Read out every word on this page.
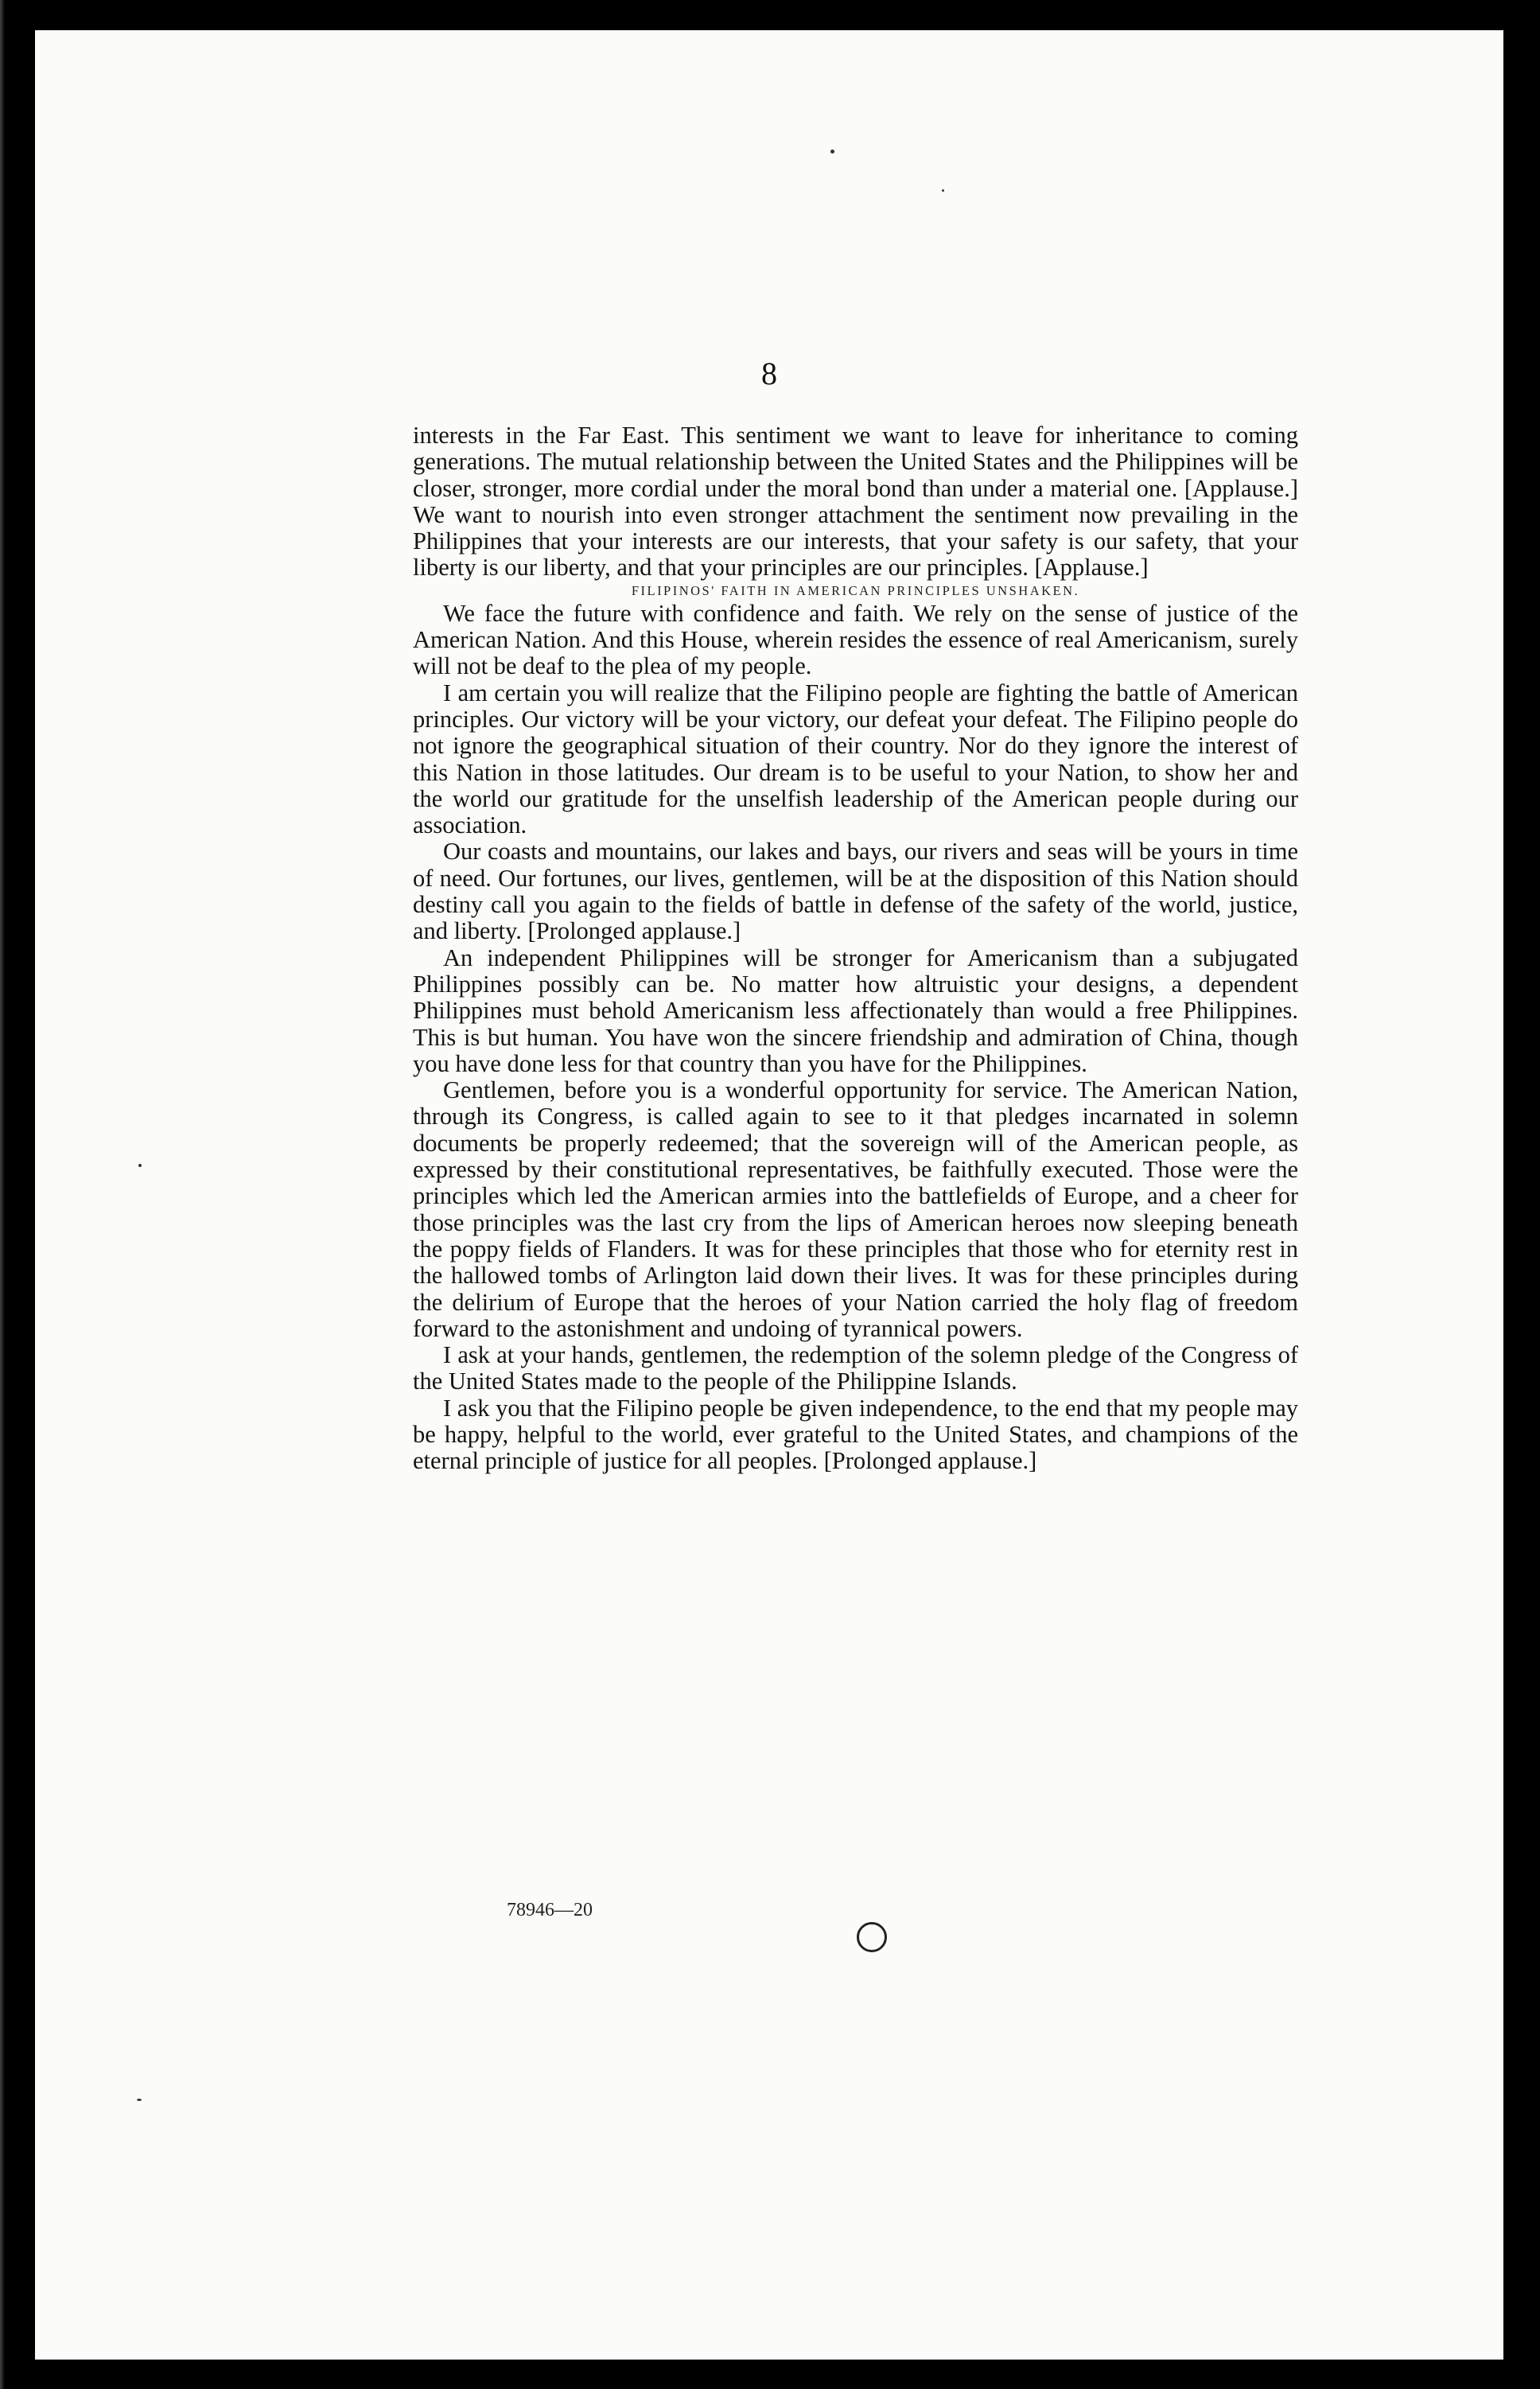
8

interests in the Far East. This sentiment we want to leave for inheritance to coming generations. The mutual relationship between the United States and the Philippines will be closer, stronger, more cordial under the moral bond than under a material one. [Applause.] We want to nourish into even stronger attachment the sentiment now prevailing in the Philippines that your interests are our interests, that your safety is our safety, that your liberty is our liberty, and that your principles are our principles. [Applause.]

FILIPINOS' FAITH IN AMERICAN PRINCIPLES UNSHAKEN.

We face the future with confidence and faith. We rely on the sense of justice of the American Nation. And this House, wherein resides the essence of real Americanism, surely will not be deaf to the plea of my people.

I am certain you will realize that the Filipino people are fighting the battle of American principles. Our victory will be your victory, our defeat your defeat. The Filipino people do not ignore the geographical situation of their country. Nor do they ignore the interest of this Nation in those latitudes. Our dream is to be useful to your Nation, to show her and the world our gratitude for the unselfish leadership of the American people during our association.

Our coasts and mountains, our lakes and bays, our rivers and seas will be yours in time of need. Our fortunes, our lives, gentlemen, will be at the disposition of this Nation should destiny call you again to the fields of battle in defense of the safety of the world, justice, and liberty. [Prolonged applause.]

An independent Philippines will be stronger for Americanism than a subjugated Philippines possibly can be. No matter how altruistic your designs, a dependent Philippines must behold Americanism less affectionately than would a free Philippines. This is but human. You have won the sincere friendship and admiration of China, though you have done less for that country than you have for the Philippines.

Gentlemen, before you is a wonderful opportunity for service. The American Nation, through its Congress, is called again to see to it that pledges incarnated in solemn documents be properly redeemed; that the sovereign will of the American people, as expressed by their constitutional representatives, be faithfully executed. Those were the principles which led the American armies into the battlefields of Europe, and a cheer for those principles was the last cry from the lips of American heroes now sleeping beneath the poppy fields of Flanders. It was for these principles that those who for eternity rest in the hallowed tombs of Arlington laid down their lives. It was for these principles during the delirium of Europe that the heroes of your Nation carried the holy flag of freedom forward to the astonishment and undoing of tyrannical powers.

I ask at your hands, gentlemen, the redemption of the solemn pledge of the Congress of the United States made to the people of the Philippine Islands.

I ask you that the Filipino people be given independence, to the end that my people may be happy, helpful to the world, ever grateful to the United States, and champions of the eternal principle of justice for all peoples. [Prolonged applause.]

78946—20
